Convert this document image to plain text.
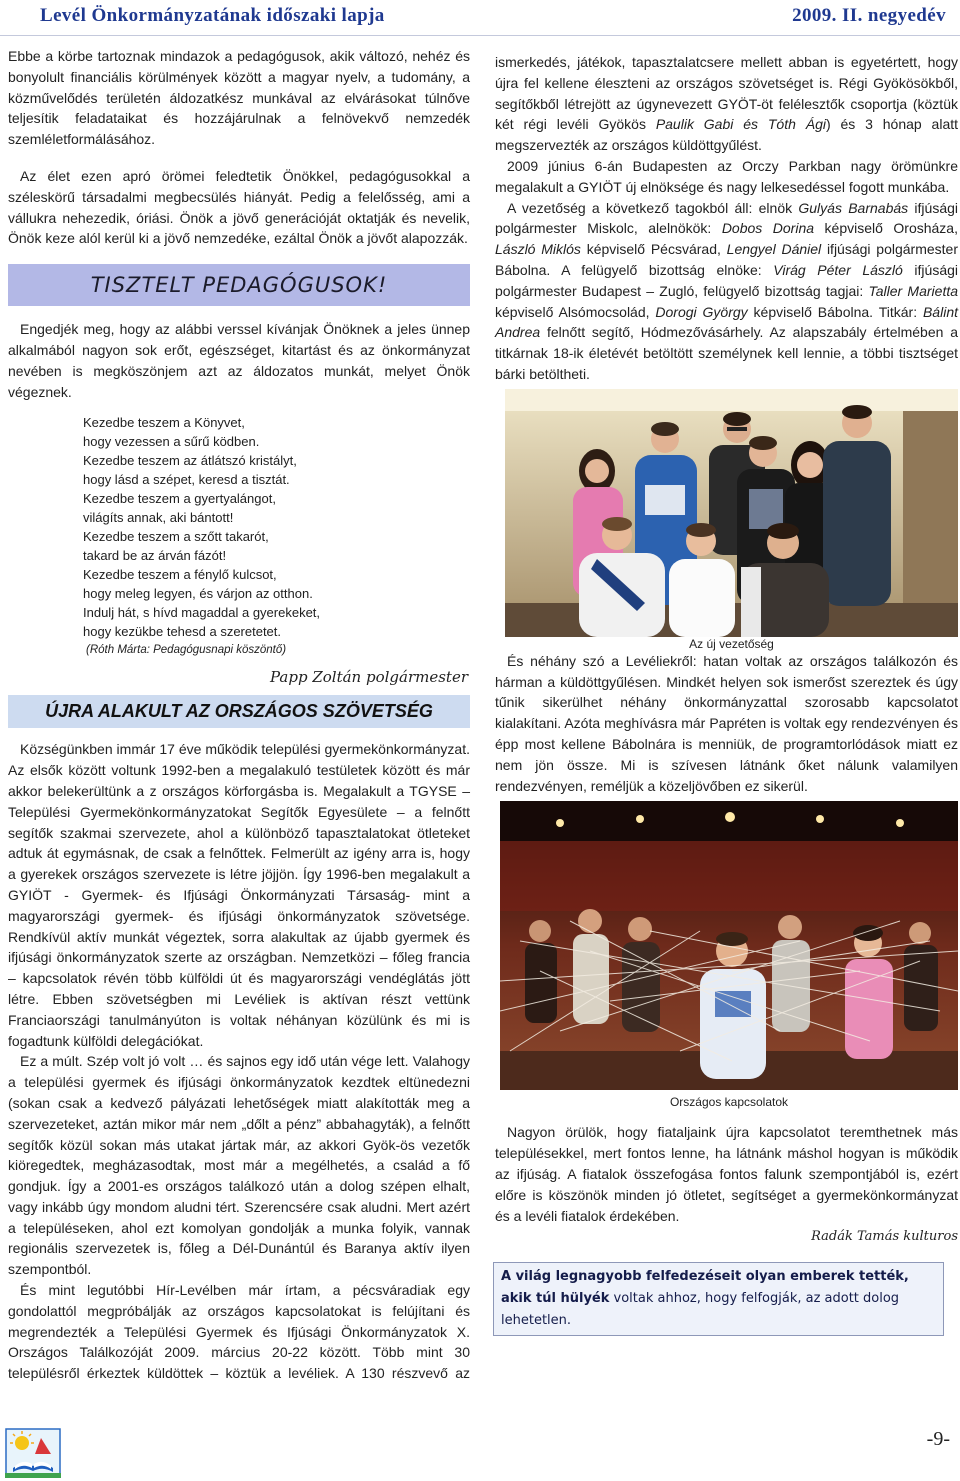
Levél Önkormányzatának időszaki lapja	2009. II. negyedév

Ebbe a körbe tartoznak mindazok a pedagógusok, akik változó, nehéz és bonyolult financiális körülmények között a magyar nyelv, a tudomány, a közművelődés területén áldozatkész munkával az elvárásokat túlnőve teljesítik feladataikat és hozzájárulnak a felnövekvő nemzedék szemléletformálásához.

Az élet ezen apró örömei feledtetik Önökkel, pedagógusokkal a széleskörű társadalmi megbecsülés hiányát. Pedig a felelősség, ami a vállukra nehezedik, óriási. Önök a jövő generációját oktatják és nevelik, Önök keze alól kerül ki a jövő nemzedéke, ezáltal Önök a jövőt alapozzák.

TISZTELT PEDAGÓGUSOK!

Engedjék meg, hogy az alábbi verssel kívánjak Önöknek a jeles ünnep alkalmából nagyon sok erőt, egészséget, kitartást és az önkormányzat nevében is megköszönjem azt az áldozatos munkát, melyet Önök végeznek.

Kezedbe teszem a Könyvet,
hogy vezessen a sűrű ködben.
Kezedbe teszem az átlátszó kristályt,
hogy lásd a szépet, keresd a tisztát.
Kezedbe teszem a gyertyalángot,
világíts annak, aki bántott!
Kezedbe teszem a szőtt takarót,
takard be az árván fázót!
Kezedbe teszem a fénylő kulcsot,
hogy meleg legyen, és várjon az otthon.
Indulj hát, s hívd magaddal a gyerekeket,
hogy kezükbe tehesd a szeretetet.
(Róth Márta: Pedagógusnapi köszöntő)
Papp Zoltán polgármester
ÚJRA ALAKULT AZ ORSZÁGOS SZÖVETSÉG

Községünkben immár 17 éve működik települési gyermekönkormányzat. Az elsők között voltunk 1992-ben a megalakuló testületek között és már akkor belekerültünk a z országos körforgásba is. Megalakult a TGYSE – Települési Gyermekönkormányzatokat Segítők Egyesülete – a felnőtt segítők szakmai szervezete, ahol a különböző tapasztalatokat ötleteket adtuk át egymásnak, de csak a felnőttek. Felmerült az igény arra is, hogy a gyerekek országos szervezete is létre jöjjön. Így 1996-ben megalakult a GYIÖT - Gyermek- és Ifjúsági Önkormányzati Társaság- mint a magyarországi gyermek- és ifjúsági önkormányzatok szövetsége. Rendkívül aktív munkát végeztek, sorra alakultak az újabb gyermek és ifjúsági önkormányzatok szerte az országban. Nemzetközi – főleg francia – kapcsolatok révén több külföldi út és magyarországi vendéglátás jött létre. Ebben szövetségben mi Levéliek is aktívan részt vettünk Franciaországi tanulmányúton is voltak néhányan közülünk és mi is fogadtunk külföldi delegációkat.

Ez a múlt. Szép volt jó volt … és sajnos egy idő után vége lett. Valahogy a települési gyermek és ifjúsági önkormányzatok kezdtek eltünedezni (sokan csak a kedvező pályázati lehetőségek miatt alakították meg a szervezeteket, aztán mikor már nem „dőlt a pénz” abbahagyták), a felnőtt segítők közül sokan más utakat jártak már, az akkori Gyök-ös vezetők kiöregedtek, megházasodtak, most már a megélhetés, a család a fő gondjuk. Így a 2001-es országos találkozó után a dolog szépen elhalt, vagy inkább úgy mondom aludni tért. Szerencsére csak aludni. Mert azért a településeken, ahol ezt komolyan gondolják a munka folyik, vannak regionális szervezetek is, főleg a Dél-Dunántúl és Baranya aktív ilyen szempontból.

És mint legutóbbi Hír-Levélben már írtam, a pécsváradiak egy gondolattól megpróbálják az országos kapcsolatokat is felújítani és megrendezték a Települési Gyermek és Ifjúsági Önkormányzatok X. Országos Találkozóját 2009. március 20-22 között. Több mint 30 településről érkeztek küldöttek – köztük a levéliek. A 130 részvevő az

ismerkedés, játékok, tapasztalatcsere mellett abban is egyetértett, hogy újra fel kellene éleszteni az országos szövetséget is. Régi Gyökösökből, segítőkből létrejött az úgynevezett GYÖT-öt felélesztők csoportja (köztük két régi levéli Gyökös Paulik Gabi és Tóth Ági) és 3 hónap alatt megszervezték az országos küldöttgyűlést.

2009 június 6-án Budapesten az Orczy Parkban nagy örömünkre megalakult a GYIÖT új elnöksége és nagy lelkesedéssel fogott munkába.

A vezetőség a következő tagokból áll: elnök Gulyás Barnabás ifjúsági polgármester Miskolc, alelnökök: Dobos Dorina képviselő Orosháza, László Miklós képviselő Pécsvárad, Lengyel Dániel ifjúsági polgármester Bábolna. A felügyelő bizottság elnöke: Virág Péter László ifjúsági polgármester Budapest – Zugló, felügyelő bizottság tagjai: Taller Marietta képviselő Alsómocsolád, Dorogi György képviselő Bábolna. Titkár: Bálint Andrea felnőtt segítő, Hódmezővásárhely. Az alapszabály értelmében a titkárnak 18-ik életévét betöltött személynek kell lennie, a többi tisztséget bárki betöltheti.

Az új vezetőség

És néhány szó a Levéliekről: hatan voltak az országos találkozón és hárman a küldöttgyűlésen. Mindkét helyen sok ismerőst szereztek és úgy tűnik sikerülhet néhány önkormányzattal szorosabb kapcsolatot kialakítani. Azóta meghívásra már Papréten is voltak egy rendezvényen és épp most kellene Bábolnára is menniük, de programtorlódások miatt ez nem jön össze. Mi is szívesen látnánk őket nálunk valamilyen rendezvényen, reméljük a közeljövőben ez sikerül.

Országos kapcsolatok

Nagyon örülök, hogy fiataljaink újra kapcsolatot teremthetnek más településekkel, mert fontos lenne, ha látnánk máshol hogyan is működik az ifjúság. A fiatalok összefogása fontos falunk szempontjából is, ezért előre is köszönök minden jó ötletet, segítséget a gyermekönkormányzat és a levéli fiatalok érdekében.

Radák Tamás kulturos
A világ legnagyobb felfedezéseit olyan emberek tették, akik túl hülyék voltak ahhoz, hogy felfogják, az adott dolog lehetetlen.
-9-
